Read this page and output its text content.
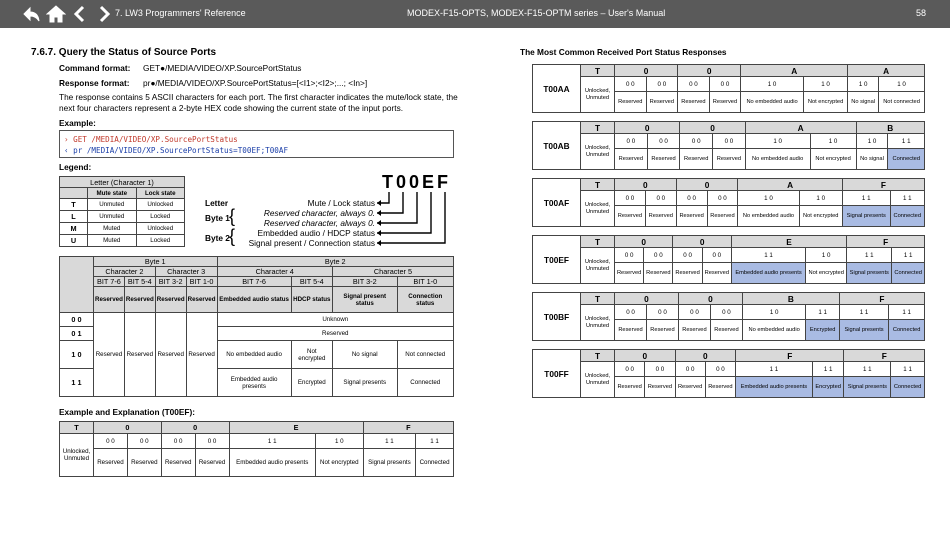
7. LW3 Programmers' Reference	MODEX-F15-OPTS, MODEX-F15-OPTM series – User's Manual	58
7.6.7. Query the Status of Source Ports
Command format: GET●/MEDIA/VIDEO/XP.SourcePortStatus
Response format: pr●/MEDIA/VIDEO/XP.SourcePortStatus=[<I1>;<I2>;...; <In>]
The response contains 5 ASCII characters for each port. The first character indicates the mute/lock state, the next four characters represent a 2-byte HEX code showing the current state of the input ports.
Example:
› GET /MEDIA/VIDEO/XP.SourcePortStatus
‹ pr /MEDIA/VIDEO/XP.SourcePortStatus=T00EF;T00AF
Legend:
Letter (Character 1)		
	Mute state	Lock state
T	Unmuted	Unlocked
L	Unmuted	Locked
M	Muted	Unlocked
U	Muted	Locked
T00EF
Letter
Byte 1 {
Byte 2 {
Mute / Lock status
Reserved character, always 0.
Reserved character, always 0.
Embedded audio / HDCP status
Signal present / Connection status
	Byte 1				Byte 2			
	Character 2		Character 3		Character 4		Character 5	
	BIT 7-6	BIT 5-4	BIT 3-2	BIT 1-0	BIT 7-6	BIT 5-4	BIT 3-2	BIT 1-0
	Reserved	Reserved	Reserved	Reserved	Embedded audio status	HDCP status	Signal present status	Connection status
0 0	Reserved	Reserved	Reserved	Reserved	Unknown			
0 1					Reserved			
1 0					No embedded audio	Not encrypted	No signal	Not connected
1 1					Embedded audio presents	Encrypted	Signal presents	Connected
Example and Explanation (T00EF):
T	0		0		E		F	
Unlocked, Unmuted	0 0	0 0	0 0	0 0	1 1	1 0	1 1	1 1
	Reserved	Reserved	Reserved	Reserved	Embedded audio presents	Not encrypted	Signal presents	Connected
The Most Common Received Port Status Responses
T00AA	T	0		0		A		A	
	Unlocked, Unmuted	0 0	0 0	0 0	0 0	1 0	1 0	1 0	1 0
		Reserved	Reserved	Reserved	Reserved	No embedded audio	Not encrypted	No signal	Not connected
T00AB	T	0		0		A		B	
	Unlocked, Unmuted	0 0	0 0	0 0	0 0	1 0	1 0	1 0	1 1
		Reserved	Reserved	Reserved	Reserved	No embedded audio	Not encrypted	No signal	Connected
T00AF	T	0		0		A		F	
	Unlocked, Unmuted	0 0	0 0	0 0	0 0	1 0	1 0	1 1	1 1
		Reserved	Reserved	Reserved	Reserved	No embedded audio	Not encrypted	Signal presents	Connected
T00EF	T	0		0		E		F	
	Unlocked, Unmuted	0 0	0 0	0 0	0 0	1 1	1 0	1 1	1 1
		Reserved	Reserved	Reserved	Reserved	Embedded audio presents	Not encrypted	Signal presents	Connected
T00BF	T	0		0		B		F	
	Unlocked, Unmuted	0 0	0 0	0 0	0 0	1 0	1 1	1 1	1 1
		Reserved	Reserved	Reserved	Reserved	No embedded audio	Encrypted	Signal presents	Connected
T00FF	T	0		0		F		F	
	Unlocked, Unmuted	0 0	0 0	0 0	0 0	1 1	1 1	1 1	1 1
		Reserved	Reserved	Reserved	Reserved	Embedded audio presents	Encrypted	Signal presents	Connected
